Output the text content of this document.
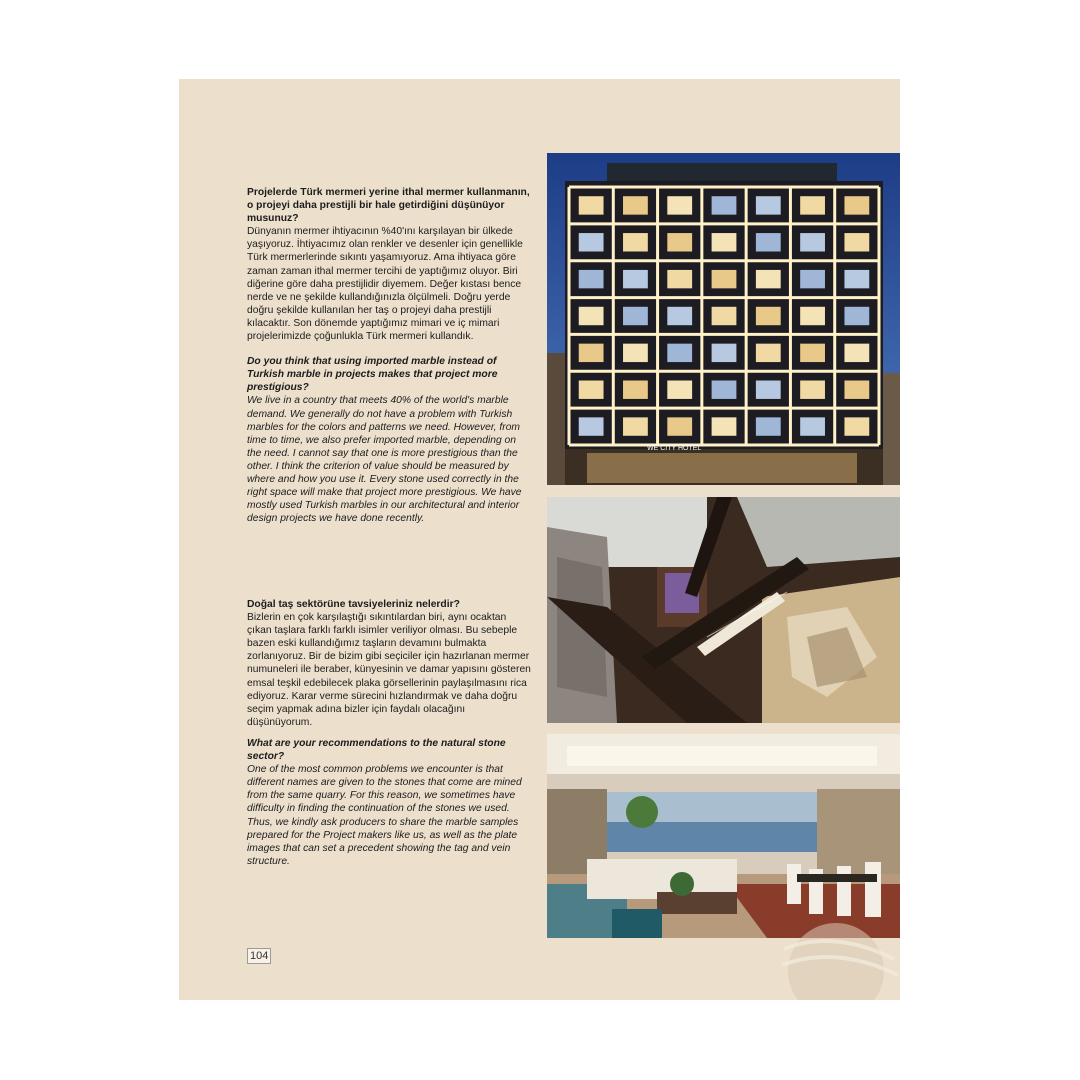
Projelerde Türk mermeri yerine ithal mermer kullanmanın, o projeyi daha prestijli bir hale getirdiğini düşünüyor musunuz?

Dünyanın mermer ihtiyacının %40'ını karşılayan bir ülkede yaşıyoruz. İhtiyacımız olan renkler ve desenler için genellikle Türk mermerlerinde sıkıntı yaşamıyoruz. Ama ihtiyaca göre zaman zaman ithal mermer tercihi de yaptığımız oluyor. Biri diğerine göre daha prestijlidir diyemem. Değer kıstası bence nerde ve ne şekilde kullandığınızla ölçülmeli. Doğru yerde doğru şekilde kullanılan her taş o projeyi daha prestijli kılacaktır. Son dönemde yaptığımız mimari ve iç mimari projelerimizde çoğunlukla Türk mermeri kullandık.

Do you think that using imported marble instead of Turkish marble in projects makes that project more prestigious?

We live in a country that meets 40% of the world's marble demand. We generally do not have a problem with Turkish marbles for the colors and patterns we need. However, from time to time, we also prefer imported marble, depending on the need. I cannot say that one is more prestigious than the other. I think the criterion of value should be measured by where and how you use it. Every stone used correctly in the right space will make that project more prestigious. We have mostly used Turkish marbles in our architectural and interior design projects we have done recently.

Doğal taş sektörüne tavsiyeleriniz nelerdir?

Bizlerin en çok karşılaştığı sıkıntılardan biri, aynı ocaktan çıkan taşlara farklı farklı isimler veriliyor olması. Bu sebeple bazen eski kullandığımız taşların devamını bulmakta zorlanıyoruz. Bir de bizim gibi seçiciler için hazırlanan mermer numuneleri ile beraber, künyesinin ve damar yapısını gösteren emsal teşkil edebilecek plaka görsellerinin paylaşılmasını rica ediyoruz. Karar verme sürecini hızlandırmak ve daha doğru seçim yapmak adına bizler için faydalı olacağını düşünüyorum.

What are your recommendations to the natural stone sector?

One of the most common problems we encounter is that different names are given to the stones that come are mined from the same quarry. For this reason, we sometimes have difficulty in finding the continuation of the stones we used. Thus, we kindly ask producers to share the marble samples prepared for the Project makers like us, as well as the plate images that can set a precedent showing the tag and vein structure.

WE CITY HOTEL
104
